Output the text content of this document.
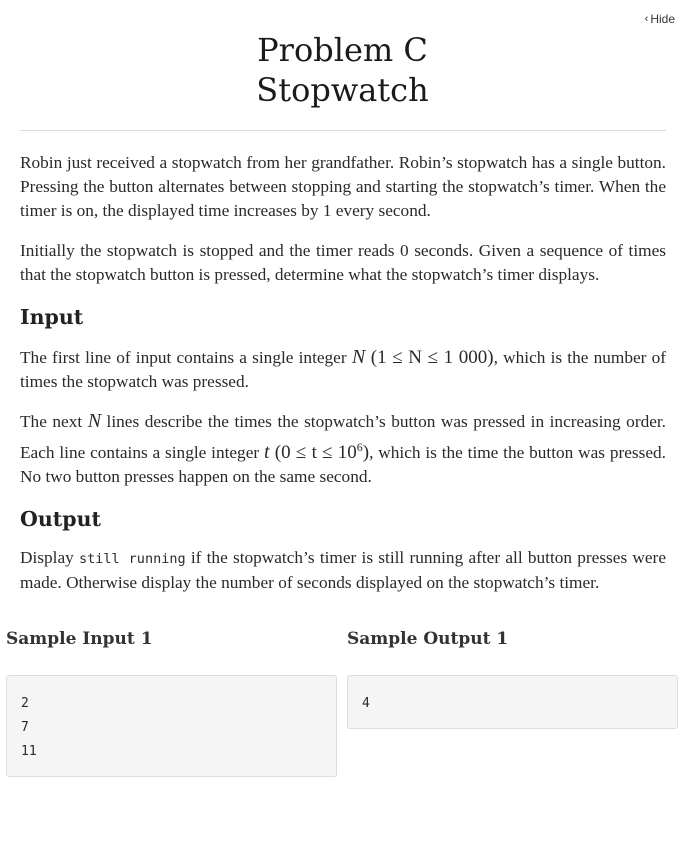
‹ Hide
Problem C
Stopwatch

Robin just received a stopwatch from her grandfather. Robin’s stopwatch has a single button. Pressing the button alternates between stopping and starting the stopwatch’s timer. When the timer is on, the displayed time increases by 1 every second.

Initially the stopwatch is stopped and the timer reads 0 seconds. Given a sequence of times that the stopwatch button is pressed, determine what the stopwatch’s timer displays.

Input

The first line of input contains a single integer N (1 ≤ N ≤ 1 000), which is the number of times the stopwatch was pressed.

The next N lines describe the times the stopwatch’s button was pressed in increasing order. Each line contains a single integer t $(0 \le t \le 10^6)$, which is the time the button was pressed. No two button presses happen on the same second.

Output

Display still running if the stopwatch’s timer is still running after all button presses were made. Otherwise display the number of seconds displayed on the stopwatch’s timer.

Sample Input 1
2
7
11
Sample Output 1
4
